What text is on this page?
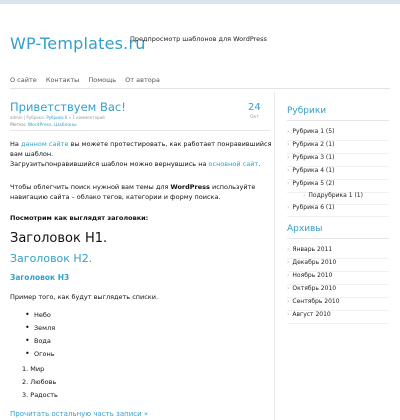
WP-Templates.ru
Предпросмотр шаблонов для WordPress
О сайте Контакты Помощь От автора
Приветствуем Вас!
admin | Рубрика: Рубрика 6 » 1 комментарий
Метки: WordPress, Шаблоны
24
Окт
На данном сайте вы можете протестировать, как работает понравившийся вам шаблон.
Загрузитьпонравившийся шаблон можно вернувшись на основной сайт.
Чтобы облегчить поиск нужной вам темы для WordPress используйте навигацию сайта – облако тегов, категории и форму поиска.
Посмотрим как выглядят заголовки:
Заголовок Н1.
Заголовок Н2.
Заголовок Н3
Пример того, как будут выглядеть списки.
• Небо
• Земля
• Вода
• Огонь
1. Мир
2. Любовь
3. Радость
Прочитать остальную часть записи »
Рубрики
› Рубрика 1 (5)
› Рубрика 2 (1)
› Рубрика 3 (1)
› Рубрика 4 (1)
› Рубрика 5 (2)
› Подрубрика 1 (1)
› Рубрика 6 (1)
Архивы
› Январь 2011
› Декабрь 2010
› Ноябрь 2010
› Октябрь 2010
› Сентябрь 2010
› Август 2010
